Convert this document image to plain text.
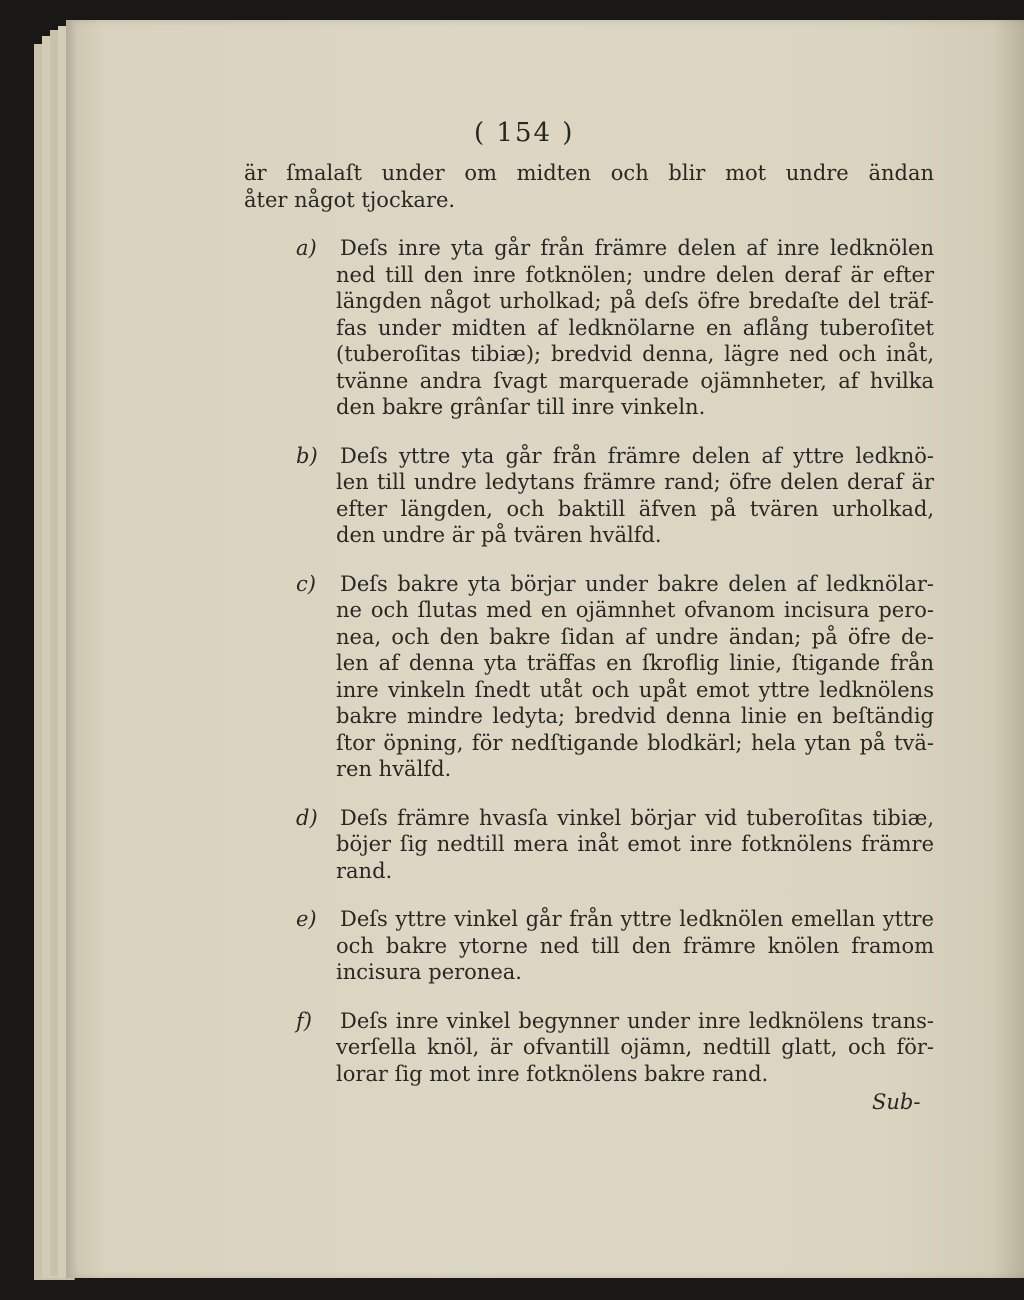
( 154 )

är ſmalaſt under om midten och blir mot undre ändan
åter något tjockare.

a)	Deſs inre yta går från främre delen af inre ledknölen
ned till den inre fotknölen; undre delen deraf är efter
längden något urholkad; på deſs öfre bredaſte del träf-
fas under midten af ledknölarne en aflång tuberoſitet
(tuberoſitas tibiæ); bredvid denna, lägre ned och inåt,
tvänne andra ſvagt marquerade ojämnheter, af hvilka
den bakre grânſar till inre vinkeln.
b)	Deſs yttre yta går från främre delen af yttre ledknö-
len till undre ledytans främre rand; öfre delen deraf är
efter längden, och baktill äfven på tvären urholkad,
den undre är på tvären hvälfd.
c)	Deſs bakre yta börjar under bakre delen af ledknölar-
ne och ſlutas med en ojämnhet ofvanom incisura pero-
nea, och den bakre ſidan af undre ändan; på öfre de-
len af denna yta träffas en ſkroflig linie, ſtigande från
inre vinkeln ſnedt utåt och upåt emot yttre ledknölens
bakre mindre ledyta; bredvid denna linie en beſtändig
ſtor öpning, för nedſtigande blodkärl; hela ytan på tvä-
ren hvälfd.
d)	Deſs främre hvasſa vinkel börjar vid tuberoſitas tibiæ,
böjer ſig nedtill mera inåt emot inre fotknölens främre
rand.
e)	Deſs yttre vinkel går från yttre ledknölen emellan yttre
och bakre ytorne ned till den främre knölen framom
incisura peronea.
f)	Deſs inre vinkel begynner under inre ledknölens trans-
verſella knöl, är ofvantill ojämn, nedtill glatt, och för-
lorar ſig mot inre fotknölens bakre rand.
Sub-
